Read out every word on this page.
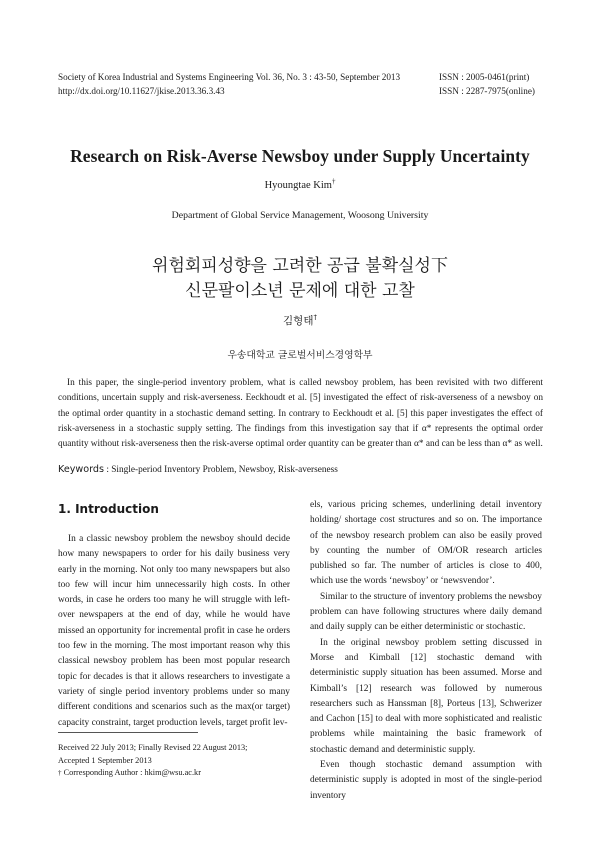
Society of Korea Industrial and Systems Engineering Vol. 36, No. 3 : 43-50, September 2013
http://dx.doi.org/10.11627/jkise.2013.36.3.43
ISSN : 2005-0461(print)
ISSN : 2287-7975(online)
Research on Risk-Averse Newsboy under Supply Uncertainty
Hyoungtae Kim†
Department of Global Service Management, Woosong University
위험회피성향을 고려한 공급 불확실성下
신문팔이소년 문제에 대한 고찰
김형태†
우송대학교 글로벌서비스경영학부
In this paper, the single-period inventory problem, what is called newsboy problem, has been revisited with two different conditions, uncertain supply and risk-averseness. Eeckhoudt et al. [5] investigated the effect of risk-averseness of a newsboy on the optimal order quantity in a stochastic demand setting. In contrary to Eeckhoudt et al. [5] this paper investigates the effect of risk-averseness in a stochastic supply setting. The findings from this investigation say that if α* represents the optimal order quantity without risk-averseness then the risk-averse optimal order quantity can be greater than α* and can be less than α* as well.
Keywords : Single-period Inventory Problem, Newsboy, Risk-averseness
1. Introduction

In a classic newsboy problem the newsboy should decide how many newspapers to order for his daily business very early in the morning. Not only too many newspapers but also too few will incur him unnecessarily high costs. In other words, in case he orders too many he will struggle with left-over newspapers at the end of day, while he would have missed an opportunity for incremental profit in case he orders too few in the morning. The most important reason why this classical newsboy problem has been most popular research topic for decades is that it allows researchers to investigate a variety of single period inventory problems under so many different conditions and scenarios such as the max(or target) capacity constraint, target production levels, target profit lev-

els, various pricing schemes, underlining detail inventory holding/ shortage cost structures and so on. The importance of the newsboy research problem can also be easily proved by counting the number of OM/OR research articles published so far. The number of articles is close to 400, which use the words ‘newsboy’ or ‘newsvendor’.

Similar to the structure of inventory problems the newsboy problem can have following structures where daily demand and daily supply can be either deterministic or stochastic.

In the original newsboy problem setting discussed in Morse and Kimball [12] stochastic demand with deterministic supply situation has been assumed. Morse and Kimball’s [12] research was followed by numerous researchers such as Hanssman [8], Porteus [13], Schwerizer and Cachon [15] to deal with more sophisticated and realistic problems while maintaining the basic framework of stochastic demand and deterministic supply.

Even though stochastic demand assumption with deterministic supply is adopted in most of the single-period inventory

Received 22 July 2013; Finally Revised 22 August 2013;
Accepted 1 September 2013
† Corresponding Author : hkim@wsu.ac.kr
